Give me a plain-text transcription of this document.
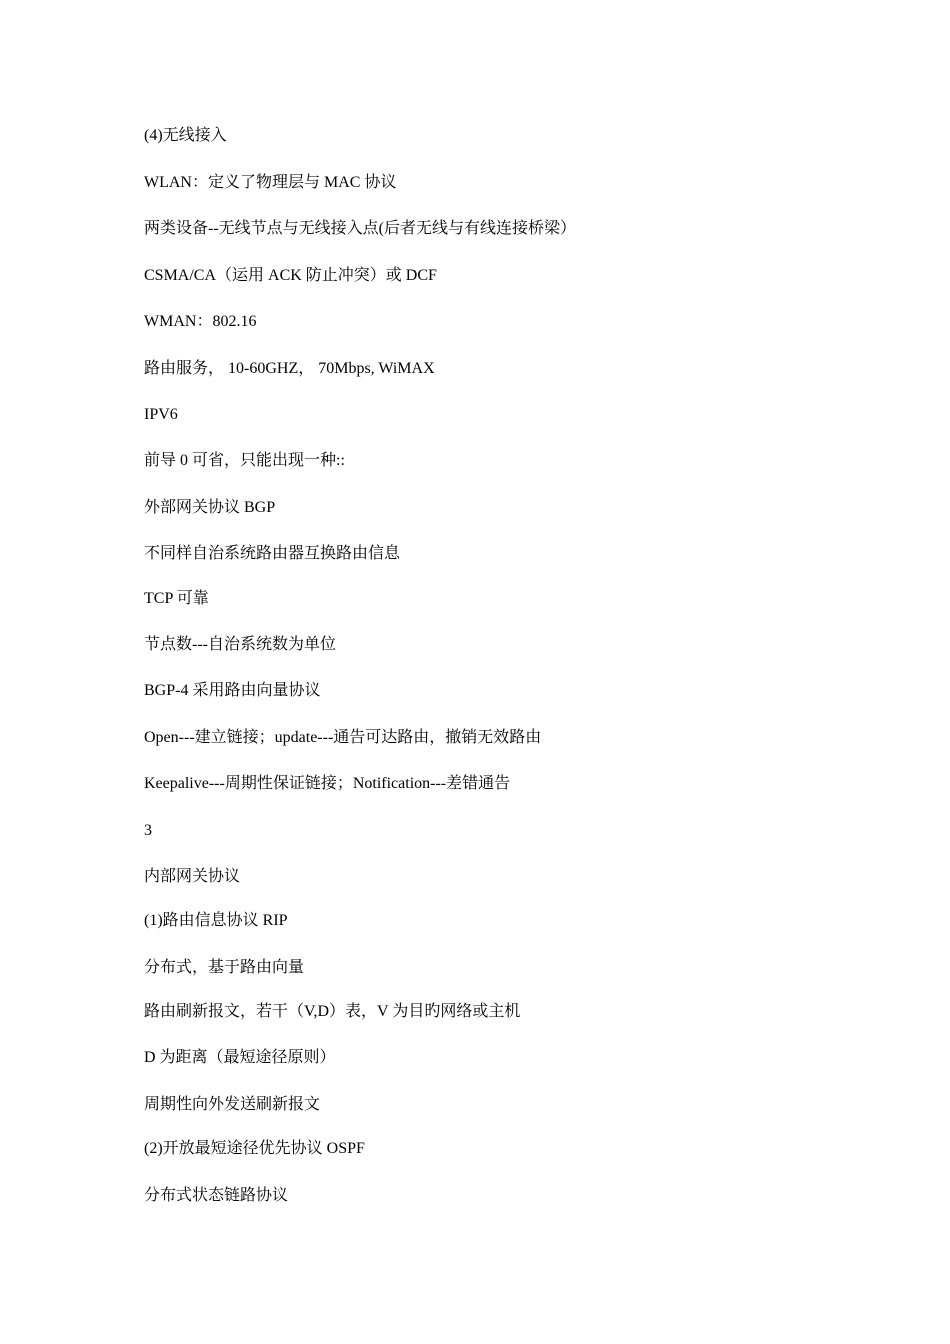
(4)无线接入
WLAN：定义了物理层与 MAC 协议
两类设备--无线节点与无线接入点(后者无线与有线连接桥梁）
CSMA/CA（运用 ACK 防止冲突）或 DCF
WMAN：802.16
路由服务， 10-60GHZ， 70Mbps, WiMAX
IPV6
前导 0 可省，只能出现一种::
外部网关协议 BGP
不同样自治系统路由器互换路由信息
TCP 可靠
节点数---自治系统数为单位
BGP-4 采用路由向量协议
Open---建立链接；update---通告可达路由，撤销无效路由
Keepalive---周期性保证链接；Notification---差错通告
3
内部网关协议
(1)路由信息协议 RIP
分布式，基于路由向量
路由刷新报文，若干（V,D）表，V 为目旳网络或主机
D 为距离（最短途径原则）
周期性向外发送刷新报文
(2)开放最短途径优先协议 OSPF
分布式状态链路协议
